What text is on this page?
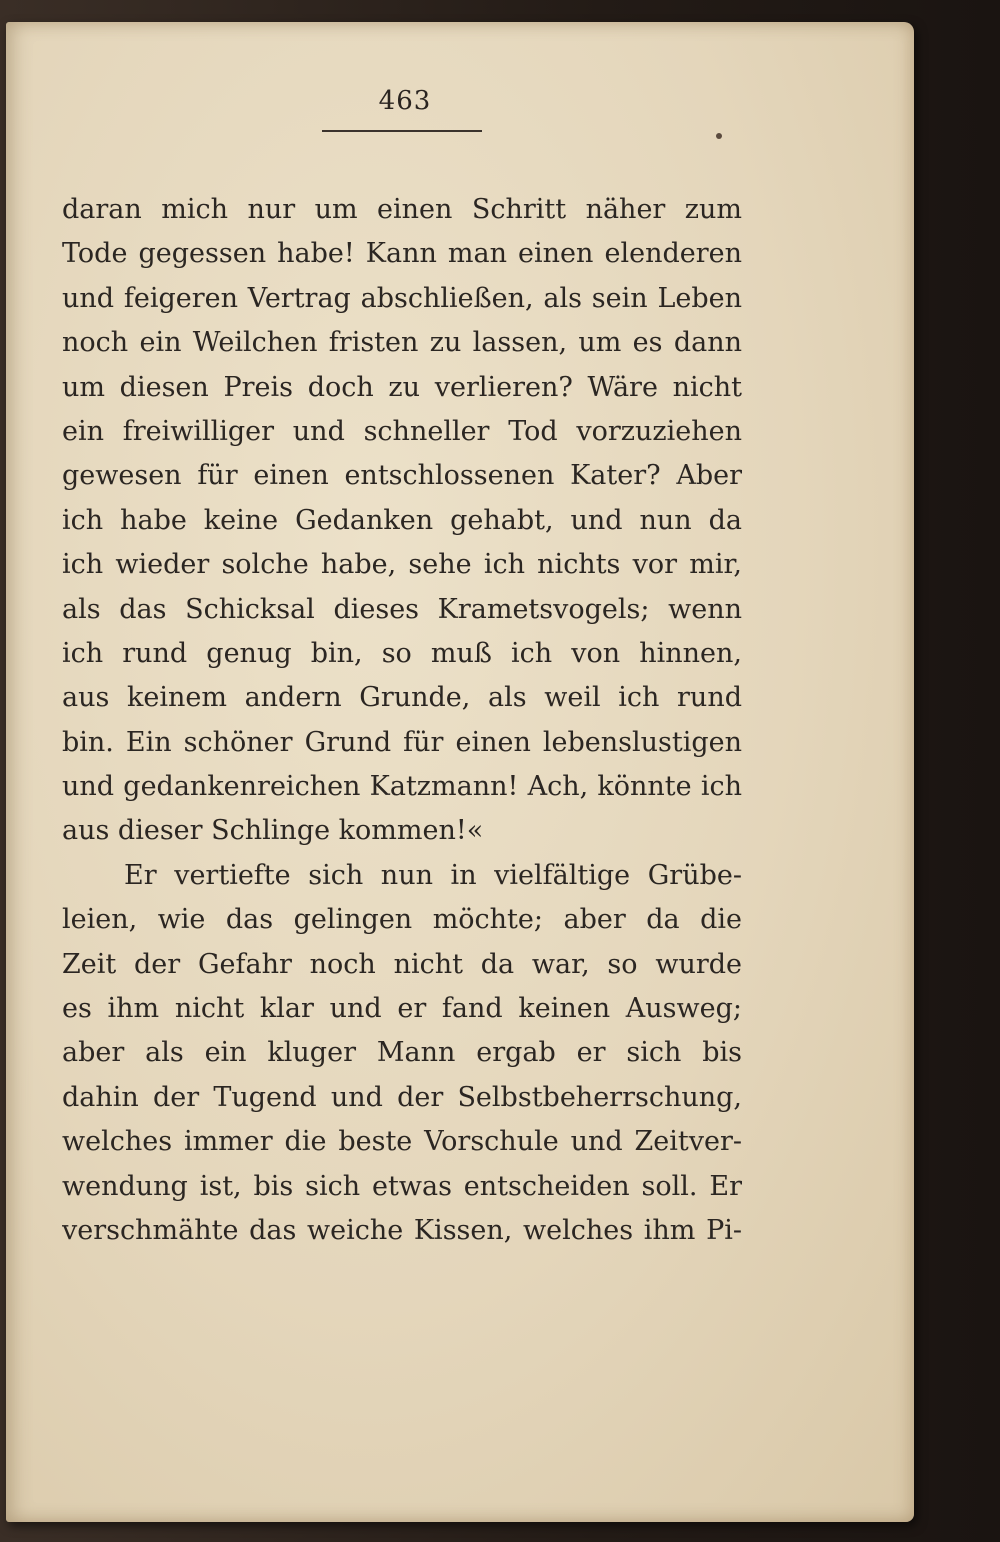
463
daran mich nur um einen Schritt näher zum
Tode gegessen habe! Kann man einen elenderen
und feigeren Vertrag abschließen, als sein Leben
noch ein Weilchen fristen zu lassen, um es dann
um diesen Preis doch zu verlieren? Wäre nicht
ein freiwilliger und schneller Tod vorzuziehen
gewesen für einen entschlossenen Kater? Aber
ich habe keine Gedanken gehabt, und nun da
ich wieder solche habe, sehe ich nichts vor mir,
als das Schicksal dieses Krametsvogels; wenn
ich rund genug bin, so muß ich von hinnen,
aus keinem andern Grunde, als weil ich rund
bin. Ein schöner Grund für einen lebenslustigen
und gedankenreichen Katzmann! Ach, könnte ich
aus dieser Schlinge kommen!«
Er vertiefte sich nun in vielfältige Grübe-
leien, wie das gelingen möchte; aber da die
Zeit der Gefahr noch nicht da war, so wurde
es ihm nicht klar und er fand keinen Ausweg;
aber als ein kluger Mann ergab er sich bis
dahin der Tugend und der Selbstbeherrschung,
welches immer die beste Vorschule und Zeitver-
wendung ist, bis sich etwas entscheiden soll. Er
verschmähte das weiche Kissen, welches ihm Pi-
